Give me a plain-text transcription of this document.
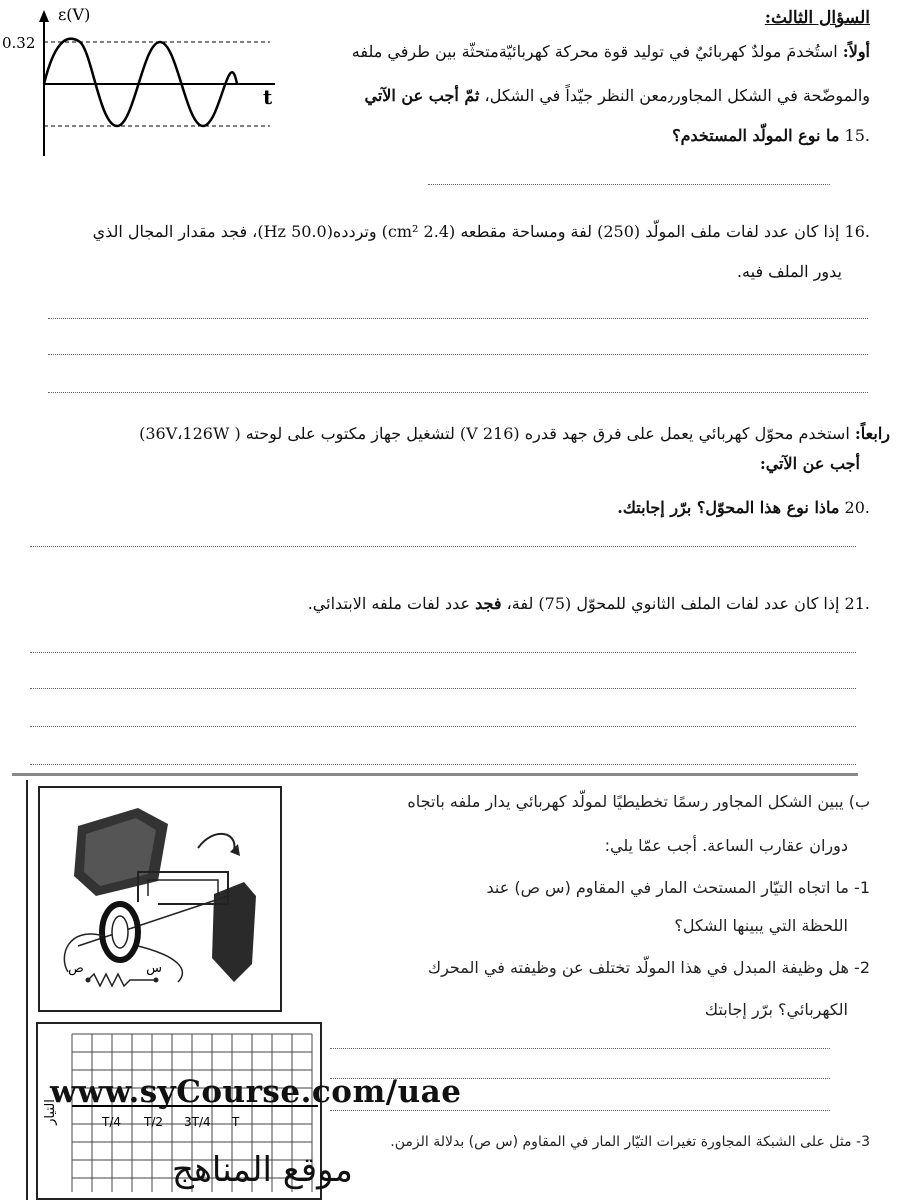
ε(V)
t
0.32
السؤال الثالث:
أولاً: استُخدمَ مولدٌ كهربائيٌ في توليد قوة محركة كهربائيّةمتحثّة بين طرفي ملفه
والموضّحة في الشكل المجاور٫معن النظر جيّداً في الشكل، ثمّ أجب عن الآتي
.15 ما نوع المولّد المستخدم؟
.16 إذا كان عدد لفات ملف المولّد (250) لفة ومساحة مقطعه (2.4 cm²) وتردده(50.0 Hz)، فجد مقدار المجال الذي
يدور الملف فيه.
رابعاً: استخدم محوّل كهربائي يعمل على فرق جهد قدره (216 V) لتشغيل جهاز مكتوب على لوحته ( 36V،126W)
أجب عن الآتي:
.20 ماذا نوع هذا المحوّل؟ برّر إجابتك.
.21 إذا كان عدد لفات الملف الثانوي للمحوّل (75) لفة، فجد عدد لفات ملفه الابتدائي.
ص	س
التيار	T/4 T/2 3T/4 T
ب) يبين الشكل المجاور رسمًا تخطيطيًا لمولّد كهربائي يدار ملفه باتجاه
دوران عقارب الساعة. أجب عمّا يلي:
1- ما اتجاه التيّار المستحث المار في المقاوم (س ص) عند
اللحظة التي يبينها الشكل؟
2- هل وظيفة المبدل في هذا المولّد تختلف عن وظيفته في المحرك
الكهربائي؟ برّر إجابتك
3- مثل على الشبكة المجاورة تغيرات التيّار المار في المقاوم (س ص) بدلالة الزمن.
www.syCourse.com/uae
موقع المناهج
